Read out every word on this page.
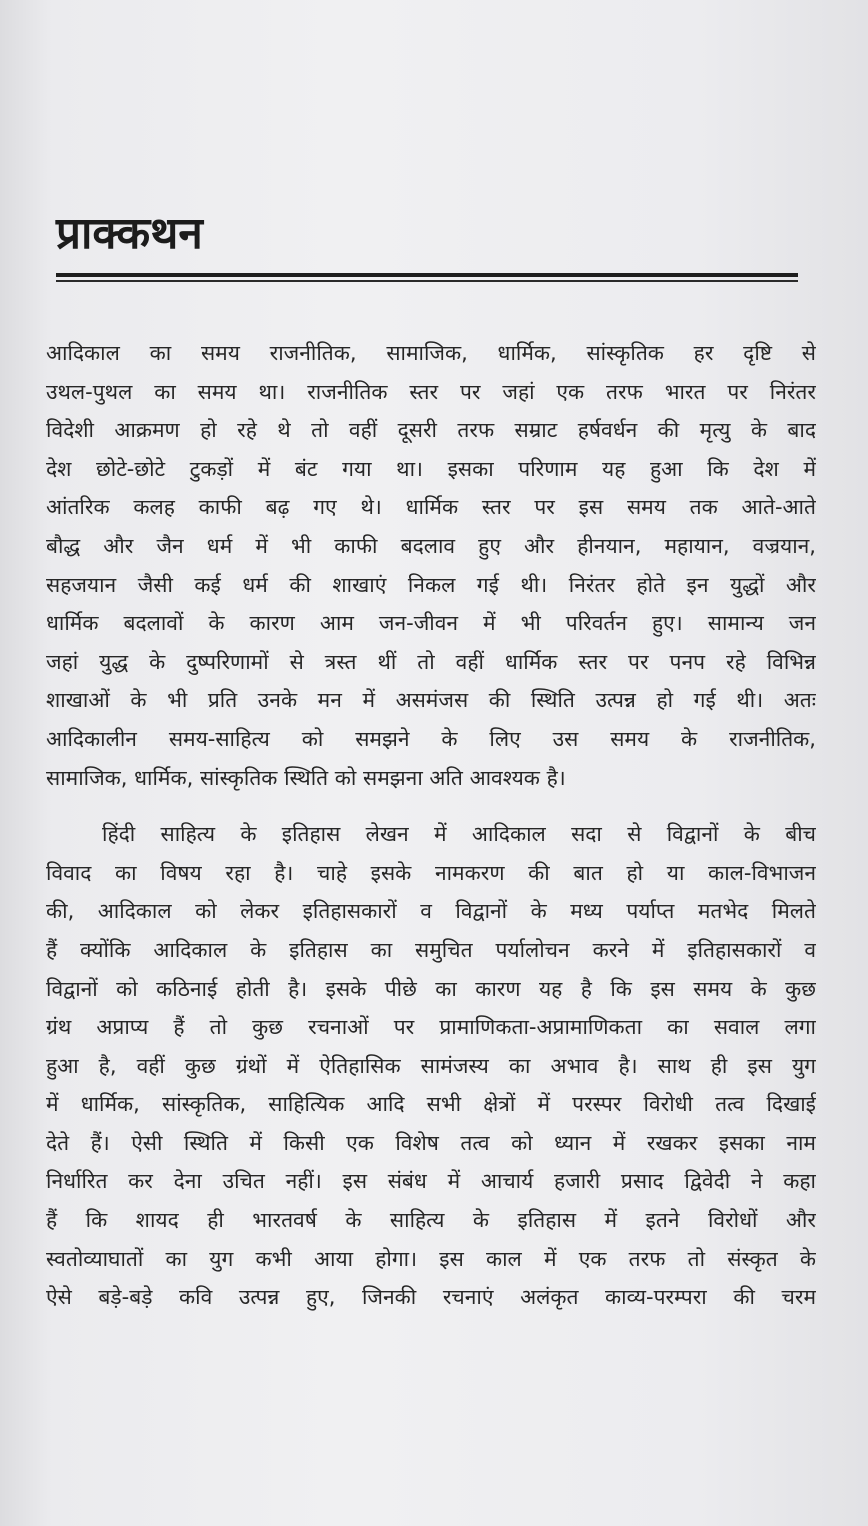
प्राक्कथन
आदिकाल का समय राजनीतिक, सामाजिक, धार्मिक, सांस्कृतिक हर दृष्टि से
उथल-पुथल का समय था। राजनीतिक स्तर पर जहां एक तरफ भारत पर निरंतर
विदेशी आक्रमण हो रहे थे तो वहीं दूसरी तरफ सम्राट हर्षवर्धन की मृत्यु के बाद
देश छोटे-छोटे टुकड़ों में बंट गया था। इसका परिणाम यह हुआ कि देश में
आंतरिक कलह काफी बढ़ गए थे। धार्मिक स्तर पर इस समय तक आते-आते
बौद्ध और जैन धर्म में भी काफी बदलाव हुए और हीनयान, महायान, वज्रयान,
सहजयान जैसी कई धर्म की शाखाएं निकल गई थी। निरंतर होते इन युद्धों और
धार्मिक बदलावों के कारण आम जन-जीवन में भी परिवर्तन हुए। सामान्य जन
जहां युद्ध के दुष्परिणामों से त्रस्त थीं तो वहीं धार्मिक स्तर पर पनप रहे विभिन्न
शाखाओं के भी प्रति उनके मन में असमंजस की स्थिति उत्पन्न हो गई थी। अतः
आदिकालीन समय-साहित्य को समझने के लिए उस समय के राजनीतिक,
सामाजिक, धार्मिक, सांस्कृतिक स्थिति को समझना अति आवश्यक है।
हिंदी साहित्य के इतिहास लेखन में आदिकाल सदा से विद्वानों के बीच
विवाद का विषय रहा है। चाहे इसके नामकरण की बात हो या काल-विभाजन
की, आदिकाल को लेकर इतिहासकारों व विद्वानों के मध्य पर्याप्त मतभेद मिलते
हैं क्योंकि आदिकाल के इतिहास का समुचित पर्यालोचन करने में इतिहासकारों व
विद्वानों को कठिनाई होती है। इसके पीछे का कारण यह है कि इस समय के कुछ
ग्रंथ अप्राप्य हैं तो कुछ रचनाओं पर प्रामाणिकता-अप्रामाणिकता का सवाल लगा
हुआ है, वहीं कुछ ग्रंथों में ऐतिहासिक सामंजस्य का अभाव है। साथ ही इस युग
में धार्मिक, सांस्कृतिक, साहित्यिक आदि सभी क्षेत्रों में परस्पर विरोधी तत्व दिखाई
देते हैं। ऐसी स्थिति में किसी एक विशेष तत्व को ध्यान में रखकर इसका नाम
निर्धारित कर देना उचित नहीं। इस संबंध में आचार्य हजारी प्रसाद द्विवेदी ने कहा
हैं कि शायद ही भारतवर्ष के साहित्य के इतिहास में इतने विरोधों और
स्वतोव्याघातों का युग कभी आया होगा। इस काल में एक तरफ तो संस्कृत के
ऐसे बड़े-बड़े कवि उत्पन्न हुए, जिनकी रचनाएं अलंकृत काव्य-परम्परा की चरम
